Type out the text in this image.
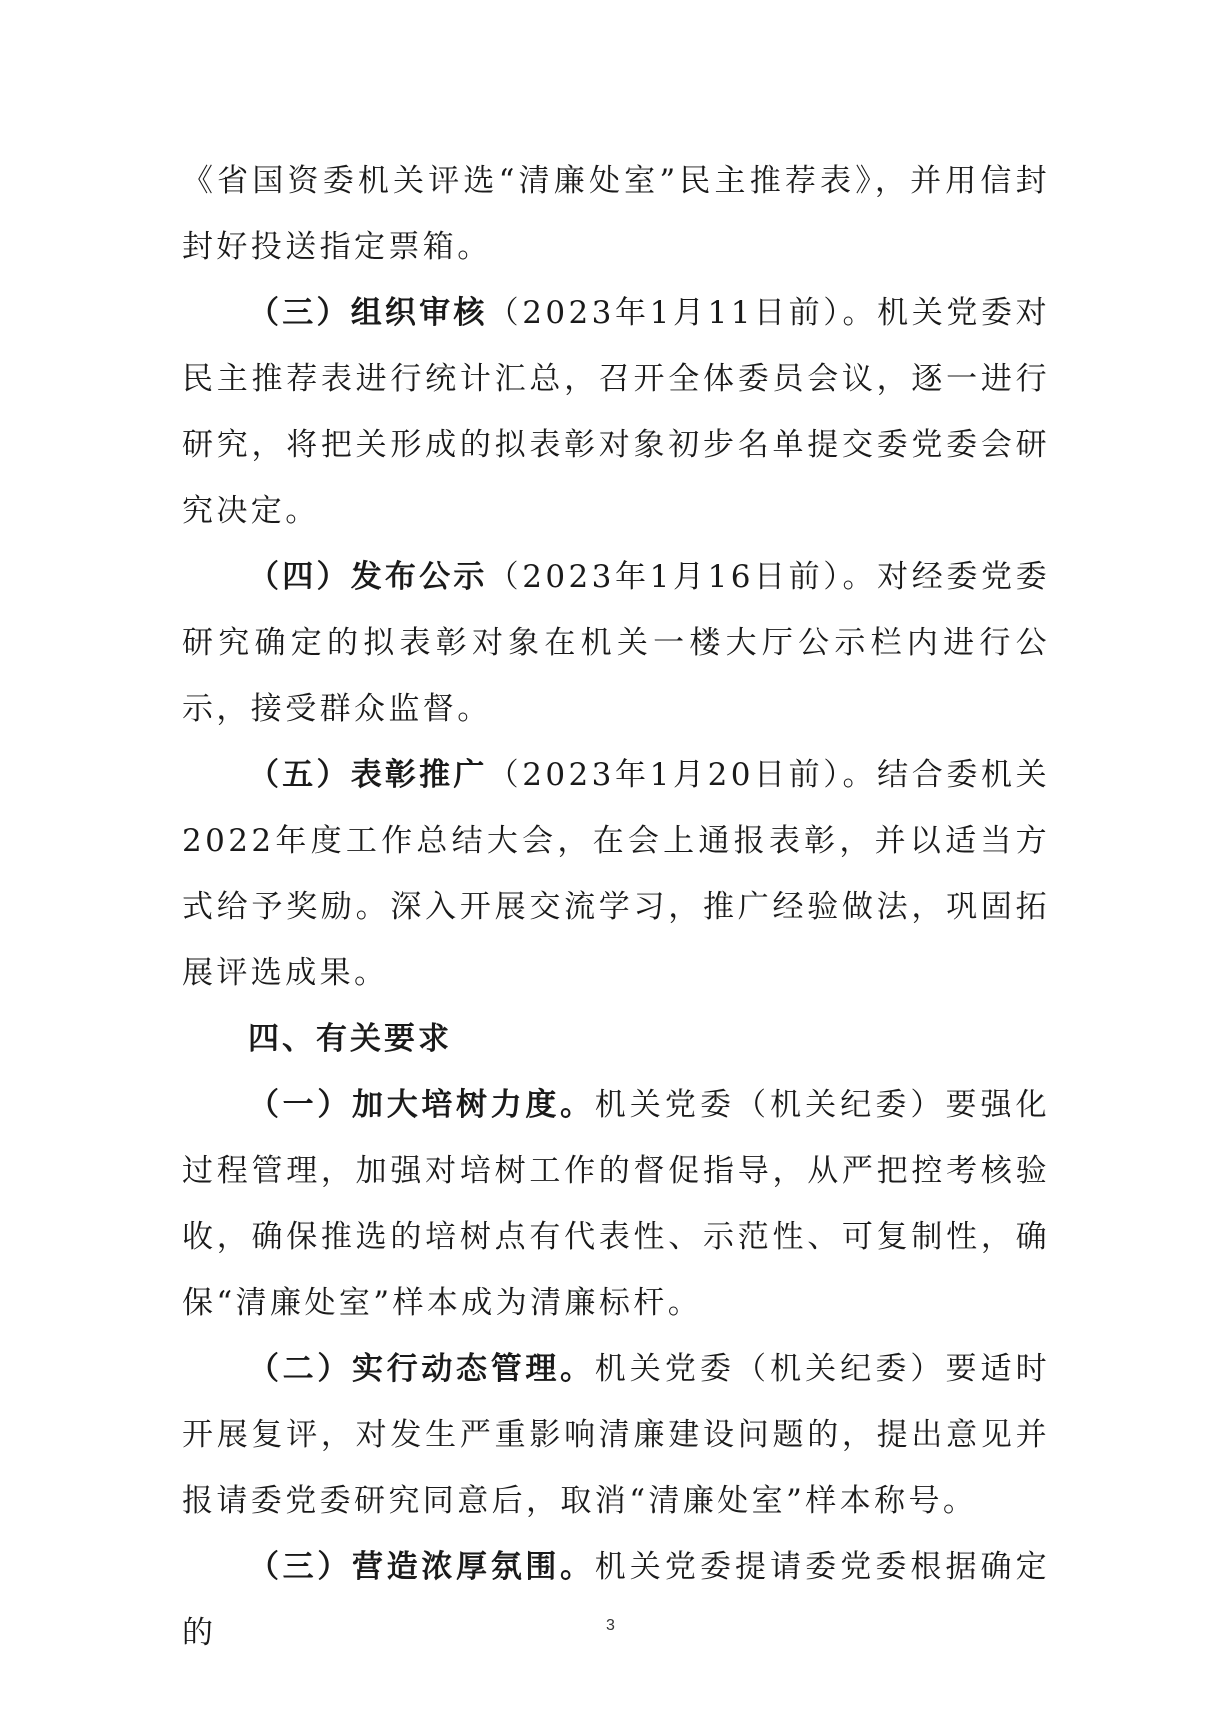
《省国资委机关评选“清廉处室”民主推荐表》，并用信封封好投送指定票箱。

（三）组织审核（2023年1月11日前）。机关党委对民主推荐表进行统计汇总，召开全体委员会议，逐一进行研究，将把关形成的拟表彰对象初步名单提交委党委会研究决定。

（四）发布公示（2023年1月16日前）。对经委党委研究确定的拟表彰对象在机关一楼大厅公示栏内进行公示，接受群众监督。

（五）表彰推广（2023年1月20日前）。结合委机关2022年度工作总结大会，在会上通报表彰，并以适当方式给予奖励。深入开展交流学习，推广经验做法，巩固拓展评选成果。

四、有关要求

（一）加大培树力度。机关党委（机关纪委）要强化过程管理，加强对培树工作的督促指导，从严把控考核验收，确保推选的培树点有代表性、示范性、可复制性，确保“清廉处室”样本成为清廉标杆。

（二）实行动态管理。机关党委（机关纪委）要适时开展复评，对发生严重影响清廉建设问题的，提出意见并报请委党委研究同意后，取消“清廉处室”样本称号。

（三）营造浓厚氛围。机关党委提请委党委根据确定的	3
